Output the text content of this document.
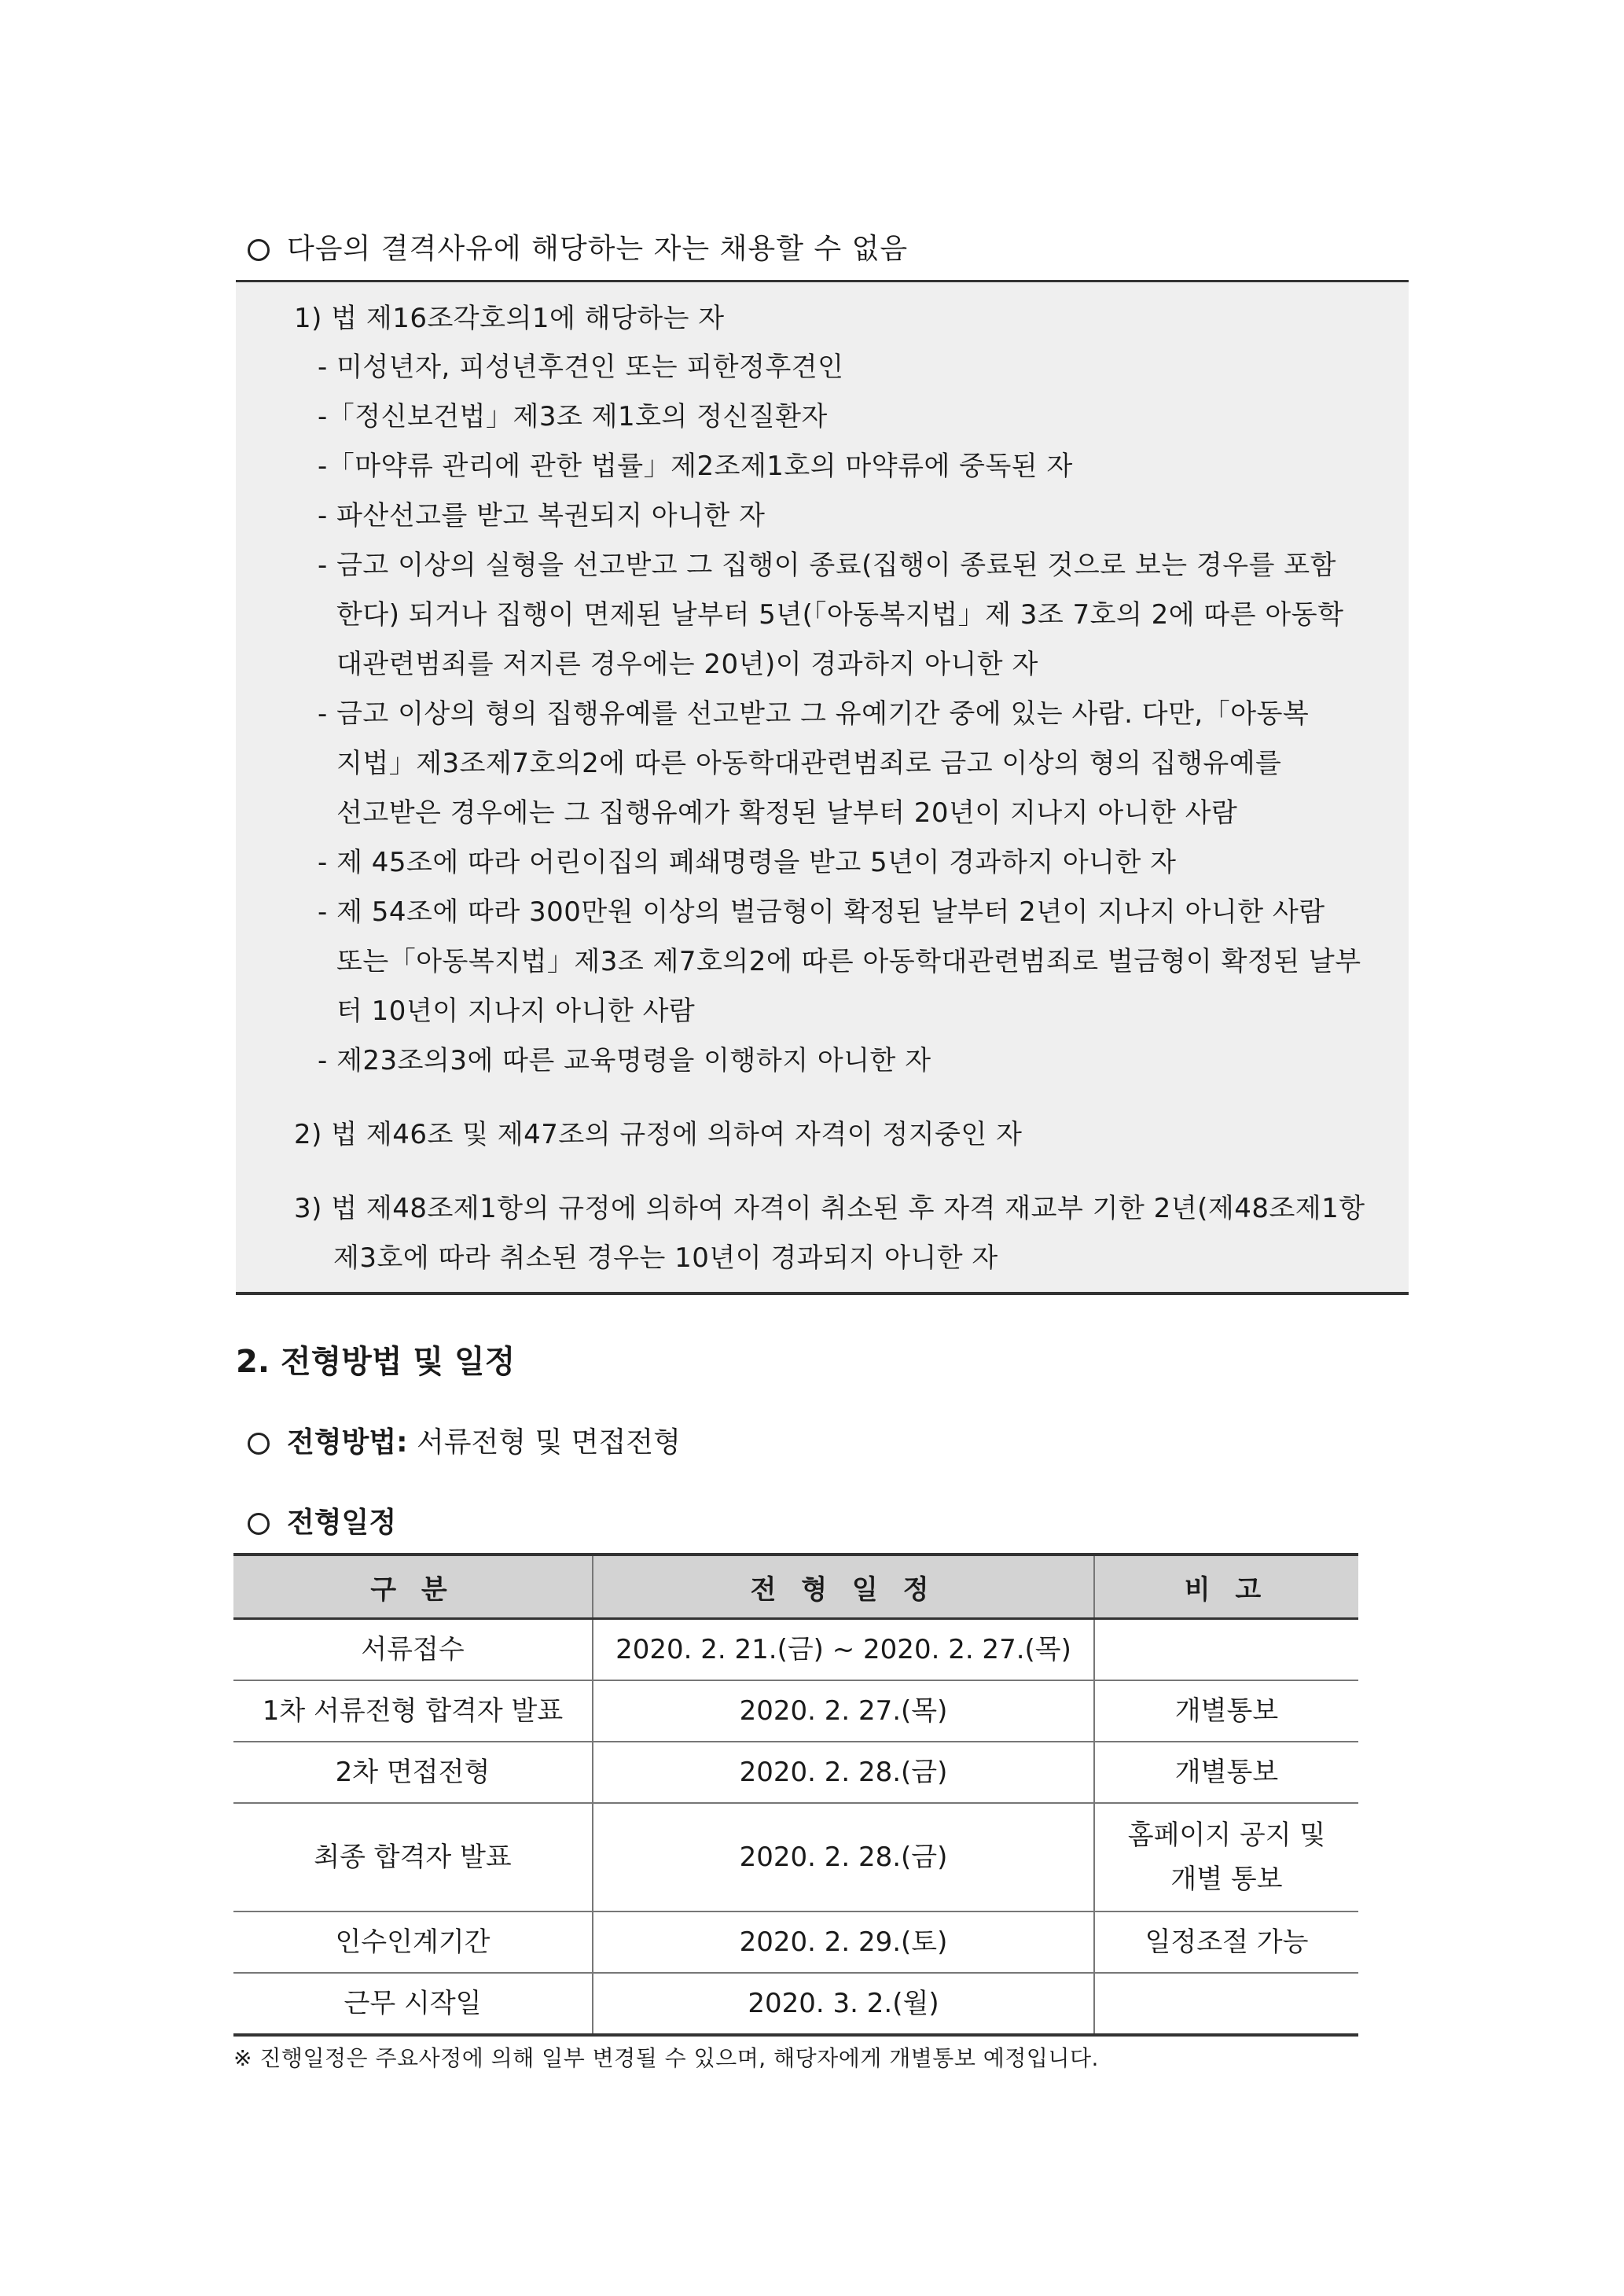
다음의 결격사유에 해당하는 자는 채용할 수 없음
1) 법 제16조각호의1에 해당하는 자
- 미성년자, 피성년후견인 또는 피한정후견인
-「정신보건법」제3조 제1호의 정신질환자
-「마약류 관리에 관한 법률」제2조제1호의 마약류에 중독된 자
- 파산선고를 받고 복권되지 아니한 자
- 금고 이상의 실형을 선고받고 그 집행이 종료(집행이 종료된 것으로 보는 경우를 포함
한다) 되거나 집행이 면제된 날부터 5년(「아동복지법」제 3조 7호의 2에 따른 아동학
대관련범죄를 저지른 경우에는 20년)이 경과하지 아니한 자
- 금고 이상의 형의 집행유예를 선고받고 그 유예기간 중에 있는 사람. 다만,「아동복
지법」제3조제7호의2에 따른 아동학대관련범죄로 금고 이상의 형의 집행유예를
선고받은 경우에는 그 집행유예가 확정된 날부터 20년이 지나지 아니한 사람
- 제 45조에 따라 어린이집의 폐쇄명령을 받고 5년이 경과하지 아니한 자
- 제 54조에 따라 300만원 이상의 벌금형이 확정된 날부터 2년이 지나지 아니한 사람
또는「아동복지법」제3조 제7호의2에 따른 아동학대관련범죄로 벌금형이 확정된 날부
터 10년이 지나지 아니한 사람
- 제23조의3에 따른 교육명령을 이행하지 아니한 자
2) 법 제46조 및 제47조의 규정에 의하여 자격이 정지중인 자
3) 법 제48조제1항의 규정에 의하여 자격이 취소된 후 자격 재교부 기한 2년(제48조제1항
제3호에 따라 취소된 경우는 10년이 경과되지 아니한 자
2. 전형방법 및 일정
전형방법: 서류전형 및 면접전형
전형일정
구 분	전 형 일 정	비 고
서류접수	2020. 2. 21.(금) ~ 2020. 2. 27.(목)	
1차 서류전형 합격자 발표	2020. 2. 27.(목)	개별통보
2차 면접전형	2020. 2. 28.(금)	개별통보
최종 합격자 발표	2020. 2. 28.(금)	홈페이지 공지 및
개별 통보

인수인계기간	2020. 2. 29.(토)	일정조절 가능
근무 시작일	2020. 3. 2.(월)	
※ 진행일정은 주요사정에 의해 일부 변경될 수 있으며, 해당자에게 개별통보 예정입니다.
